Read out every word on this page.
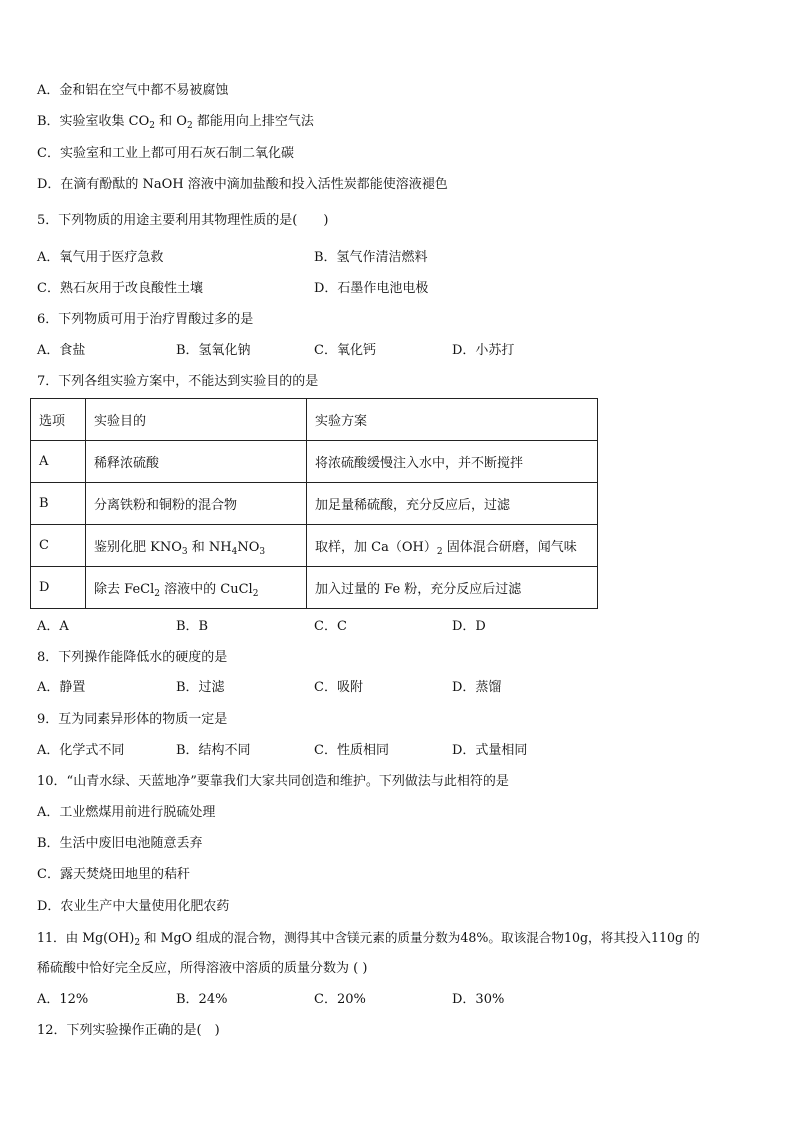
A．金和铝在空气中都不易被腐蚀
B．实验室收集 $CO_2$ 和 $O_2$ 都能用向上排空气法
C．实验室和工业上都可用石灰石制二氧化碳
D．在滴有酚酞的 NaOH 溶液中滴加盐酸和投入活性炭都能使溶液褪色
5．下列物质的用途主要利用其物理性质的是(　　)
A．氧气用于医疗急救	B．氢气作清洁燃料
C．熟石灰用于改良酸性土壤	D．石墨作电池电极
6．下列物质可用于治疗胃酸过多的是
A．食盐	B．氢氧化钠	C．氧化钙	D．小苏打
7．下列各组实验方案中，不能达到实验目的的是
选项	实验目的	实验方案
A	稀释浓硫酸	将浓硫酸缓慢注入水中，并不断搅拌
B	分离铁粉和铜粉的混合物	加足量稀硫酸，充分反应后，过滤
C	鉴别化肥 $KNO_3$ 和 $NH_4NO_3$	取样，加 $Ca(OH)_2$ 固体混合研磨，闻气味
D	除去 FeCl$_2$ 溶液中的 CuCl$_2$	加入过量的 Fe 粉，充分反应后过滤
A．A	B．B	C．C	D．D
8．下列操作能降低水的硬度的是
A．静置	B．过滤	C．吸附	D．蒸馏
9．互为同素异形体的物质一定是
A．化学式不同	B．结构不同	C．性质相同	D．式量相同
10．“山青水绿、天蓝地净”要靠我们大家共同创造和维护。下列做法与此相符的是
A．工业燃煤用前进行脱硫处理
B．生活中废旧电池随意丢弃
C．露天焚烧田地里的秸秆
D．农业生产中大量使用化肥农药
11．由 $Mg(OH)_2$ 和 MgO 组成的混合物，测得其中含镁元素的质量分数为48%。取该混合物10g，将其投入110g 的
稀硫酸中恰好完全反应，所得溶液中溶质的质量分数为 ( )
A．12%	B．24%	C．20%	D．30%
12．下列实验操作正确的是(　)
